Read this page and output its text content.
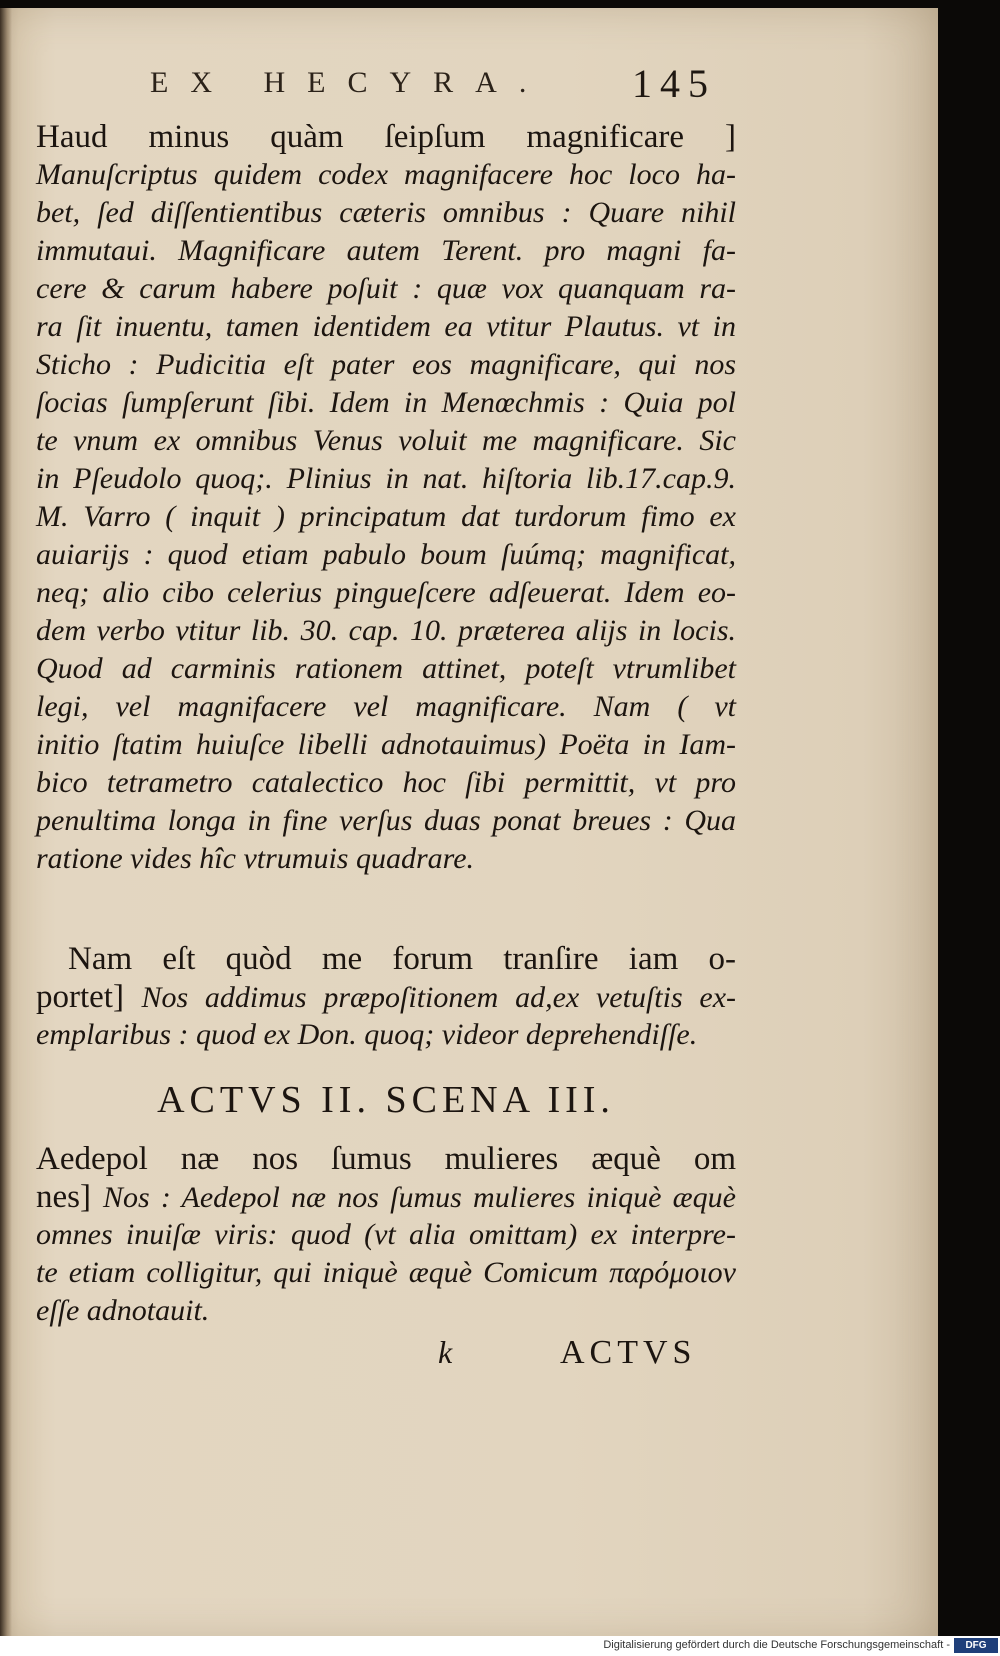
EX HECYRA.	145
Haud minus quàm ſeipſum magnificare ]
Manuſcriptus quidem codex magnifacere hoc loco ha-
bet, ſed diſſentientibus cæteris omnibus : Quare nihil
immutaui. Magnificare autem Terent. pro magni fa-
cere & carum habere poſuit : quæ vox quanquam ra-
ra ſit inuentu, tamen identidem ea vtitur Plautus. vt in
Sticho : Pudicitia eſt pater eos magnificare, qui nos
ſocias ſumpſerunt ſibi. Idem in Menœchmis : Quia pol
te vnum ex omnibus Venus voluit me magnificare. Sic
in Pſeudolo quoq;. Plinius in nat. hiſtoria lib.17.cap.9.
M. Varro ( inquit ) principatum dat turdorum fimo ex
auiarijs : quod etiam pabulo boum ſuúmq; magnificat,
neq; alio cibo celerius pingueſcere adſeuerat. Idem eo-
dem verbo vtitur lib. 30. cap. 10. præterea alijs in locis.
Quod ad carminis rationem attinet, poteſt vtrumlibet
legi, vel magnifacere vel magnificare. Nam ( vt
initio ſtatim huiuſce libelli adnotauimus) Poëta in Iam-
bico tetrametro catalectico hoc ſibi permittit, vt pro
penultima longa in fine verſus duas ponat breues : Qua
ratione vides hîc vtrumuis quadrare.
Nam eſt quòd me forum tranſire iam o-
portet] Nos addimus præpoſitionem ad,ex vetuſtis ex-
emplaribus : quod ex Don. quoq; videor deprehendiſſe.
ACTVS II. SCENA III.
Aedepol næ nos ſumus mulieres æquè om
nes] Nos : Aedepol næ nos ſumus mulieres iniquè æquè
omnes inuiſæ viris: quod (vt alia omittam) ex interpre-
te etiam colligitur, qui iniquè æquè Comicum παρόμοιον
eſſe adnotauit.
k	ACTVS
Digitalisierung gefördert durch die Deutsche Forschungsgemeinschaft -	DFG
